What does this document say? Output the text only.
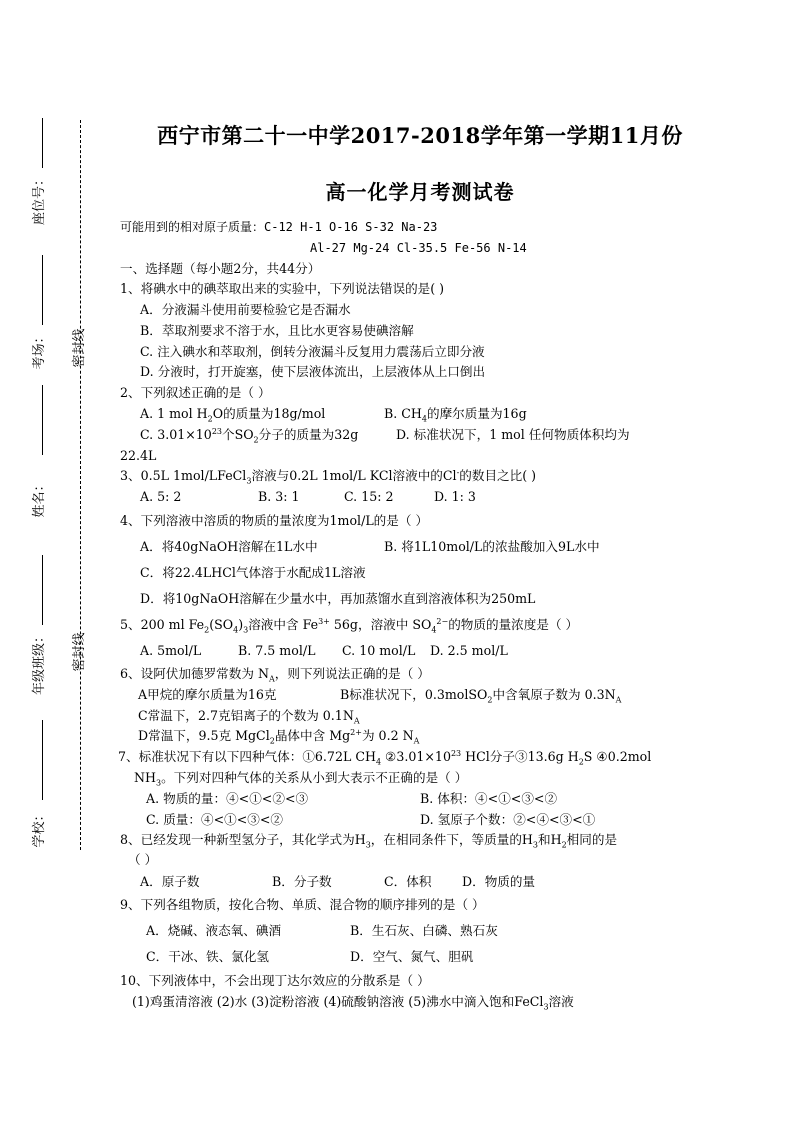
座位号：
考场： 密封线
姓名：
年级班级： 密封线
学校：
西宁市第二十一中学2017-2018学年第一学期11月份
高一化学月考测试卷
可能用到的相对原子质量：C-12 H-1 O-16 S-32 Na-23
Al-27 Mg-24 Cl-35.5 Fe-56 N-14
一、选择题（每小题2分，共44分）
1、将碘水中的碘萃取出来的实验中，下列说法错误的是( )
A．分液漏斗使用前要检验它是否漏水
B．萃取剂要求不溶于水，且比水更容易使碘溶解
C. 注入碘水和萃取剂，倒转分液漏斗反复用力震荡后立即分液
D. 分液时，打开旋塞，使下层液体流出，上层液体从上口倒出
2、下列叙述正确的是（ ）
A. 1 mol $H_2O$的质量为18g/mol	B. $CH_4$的摩尔质量为16g
C. $3.01\times 10^{23}$个$SO_2$分子的质量为32g	D. 标准状况下，1 mol 任何物质体积均为
22.4L
3、0.5L 1mol/LFeCl$_3$溶液与0.2L 1mol/L KCl溶液中的Cl-的数目之比( )
A. 5: 2	B. 3: 1	C. 15: 2	D. 1: 3
4、下列溶液中溶质的物质的量浓度为1mol/L的是（ ）
A．将40gNaOH溶解在1L水中	B. 将1L10mol/L的浓盐酸加入9L水中
C．将22.4LHCl气体溶于水配成1L溶液
D．将10gNaOH溶解在少量水中，再加蒸馏水直到溶液体积为250mL
5、200 ml $Fe_2(SO_4)_3$溶液中含 $Fe^{3+}$ 56g，溶液中 $SO_4^{2-}$的物质的量浓度是（ ）
A. 5mol/L	B. 7.5 mol/L C. 10 mol/L D. 2.5 mol/L
6、设阿伏加德罗常数为 $N_A$，则下列说法正确的是（ ）
A甲烷的摩尔质量为16克	B标准状况下，0.3molSO$_2$中含氧原子数为 $0.3N_A$
C常温下，2.7克铝离子的个数为 $0.1N_A$
D常温下，9.5克 MgCl$_2$晶体中含 $Mg^{2+}$为 0.2 $N_A$
7、标准状况下有以下四种气体：①6.72L $CH_4$ $②3.01\times 10^{23}$ HCl分子③13.6g $H_2S$ ④0.2mol
$NH_3$。下列对四种气体的关系从小到大表示不正确的是（ ）
A. 物质的量：④<①<②<③	B. 体积：④<①<③<②
C. 质量：④<①<③<②	D. 氢原子个数：②<④<③<①
8、已经发现一种新型氢分子，其化学式为$H_3$，在相同条件下，等质量的$H_3$和$H_2$相同的是
（ ）
A．原子数	B．分子数	C．体积 D．物质的量
9、下列各组物质，按化合物、单质、混合物的顺序排列的是（ ）
A．烧碱、液态氧、碘酒	B．生石灰、白磷、熟石灰
C．干冰、铁、氯化氢	D．空气、氮气、胆矾
10、下列液体中，不会出现丁达尔效应的分散系是（ ）
(1)鸡蛋清溶液 (2)水 (3)淀粉溶液 (4)硫酸钠溶液 (5)沸水中滴入饱和FeCl$_3$溶液
